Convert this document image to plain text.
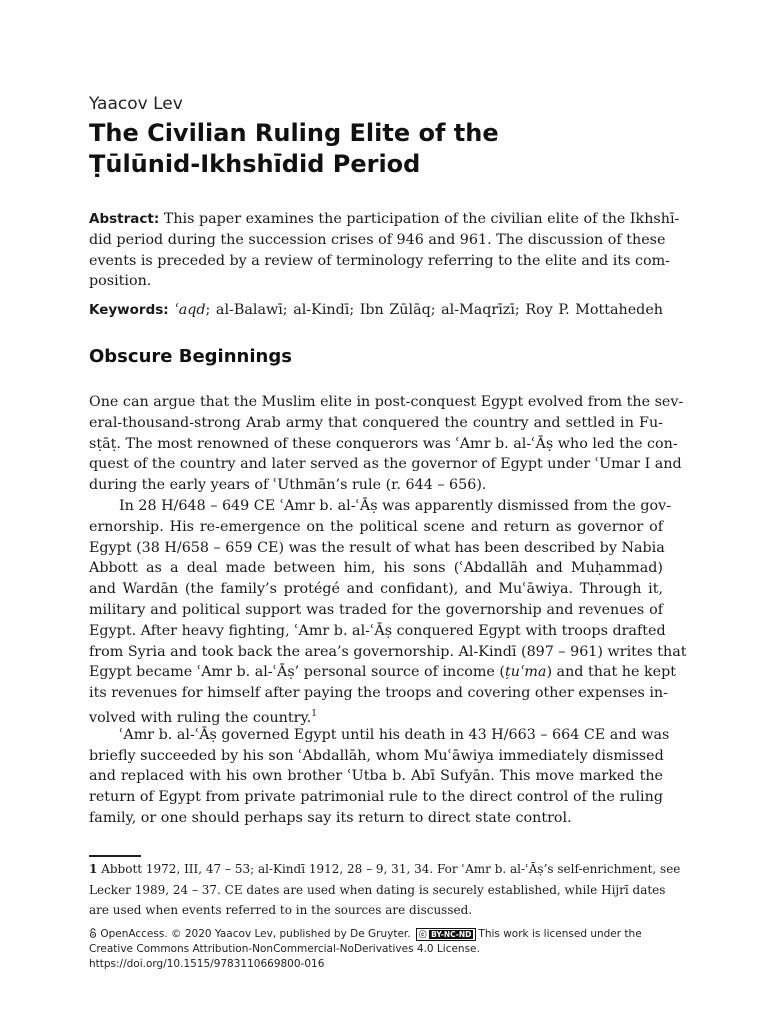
Yaacov Lev
The Civilian Ruling Elite of the
Ṭūlūnid-Ikhshīdid Period
Abstract: This paper examines the participation of the civilian elite of the Ikhshī-
did period during the succession crises of 946 and 961. The discussion of these
events is preceded by a review of terminology referring to the elite and its com-
position.
Keywords: ʿaqd; al-Balawī; al-Kindī; Ibn Zūlāq; al-Maqrīzī; Roy P. Mottahedeh
Obscure Beginnings
One can argue that the Muslim elite in post-conquest Egypt evolved from the sev-
eral-thousand-strong Arab army that conquered the country and settled in Fu-
sṭāṭ. The most renowned of these conquerors was ʿAmr b. al-ʿĀṣ who led the con-
quest of the country and later served as the governor of Egypt under ʿUmar I and
during the early years of ʿUthmān’s rule (r. 644 – 656).
In 28 H/648 – 649 CE ʿAmr b. al-ʿĀṣ was apparently dismissed from the gov-
ernorship. His re-emergence on the political scene and return as governor of
Egypt (38 H/658 – 659 CE) was the result of what has been described by Nabia
Abbott as a deal made between him, his sons (ʿAbdallāh and Muḥammad)
and Wardān (the family’s protégé and confidant), and Muʿāwiya. Through it,
military and political support was traded for the governorship and revenues of
Egypt. After heavy fighting, ʿAmr b. al-ʿĀṣ conquered Egypt with troops drafted
from Syria and took back the area’s governorship. Al-Kindī (897 – 961) writes that
Egypt became ʿAmr b. al-ʿĀṣ’ personal source of income (ṭuʿma) and that he kept
its revenues for himself after paying the troops and covering other expenses in-
volved with ruling the country.$^1$
ʿAmr b. al-ʿĀṣ governed Egypt until his death in 43 H/663 – 664 CE and was
briefly succeeded by his son ʿAbdallāh, whom Muʿāwiya immediately dismissed
and replaced with his own brother ʿUtba b. Abī Sufyān. This move marked the
return of Egypt from private patrimonial rule to the direct control of the ruling
family, or one should perhaps say its return to direct state control.
1 Abbott 1972, III, 47 – 53; al-Kindī 1912, 28 – 9, 31, 34. For ʿAmr b. al-ʿĀṣ’s self-enrichment, see
Lecker 1989, 24 – 37. CE dates are used when dating is securely established, while Hijrī dates
are used when events referred to in the sources are discussed.
OpenAccess. © 2020 Yaacov Lev, published by De Gruyter. ⓒ BY-NC-ND This work is licensed under the
Creative Commons Attribution-NonCommercial-NoDerivatives 4.0 License.
https://doi.org/10.1515/9783110669800-016
